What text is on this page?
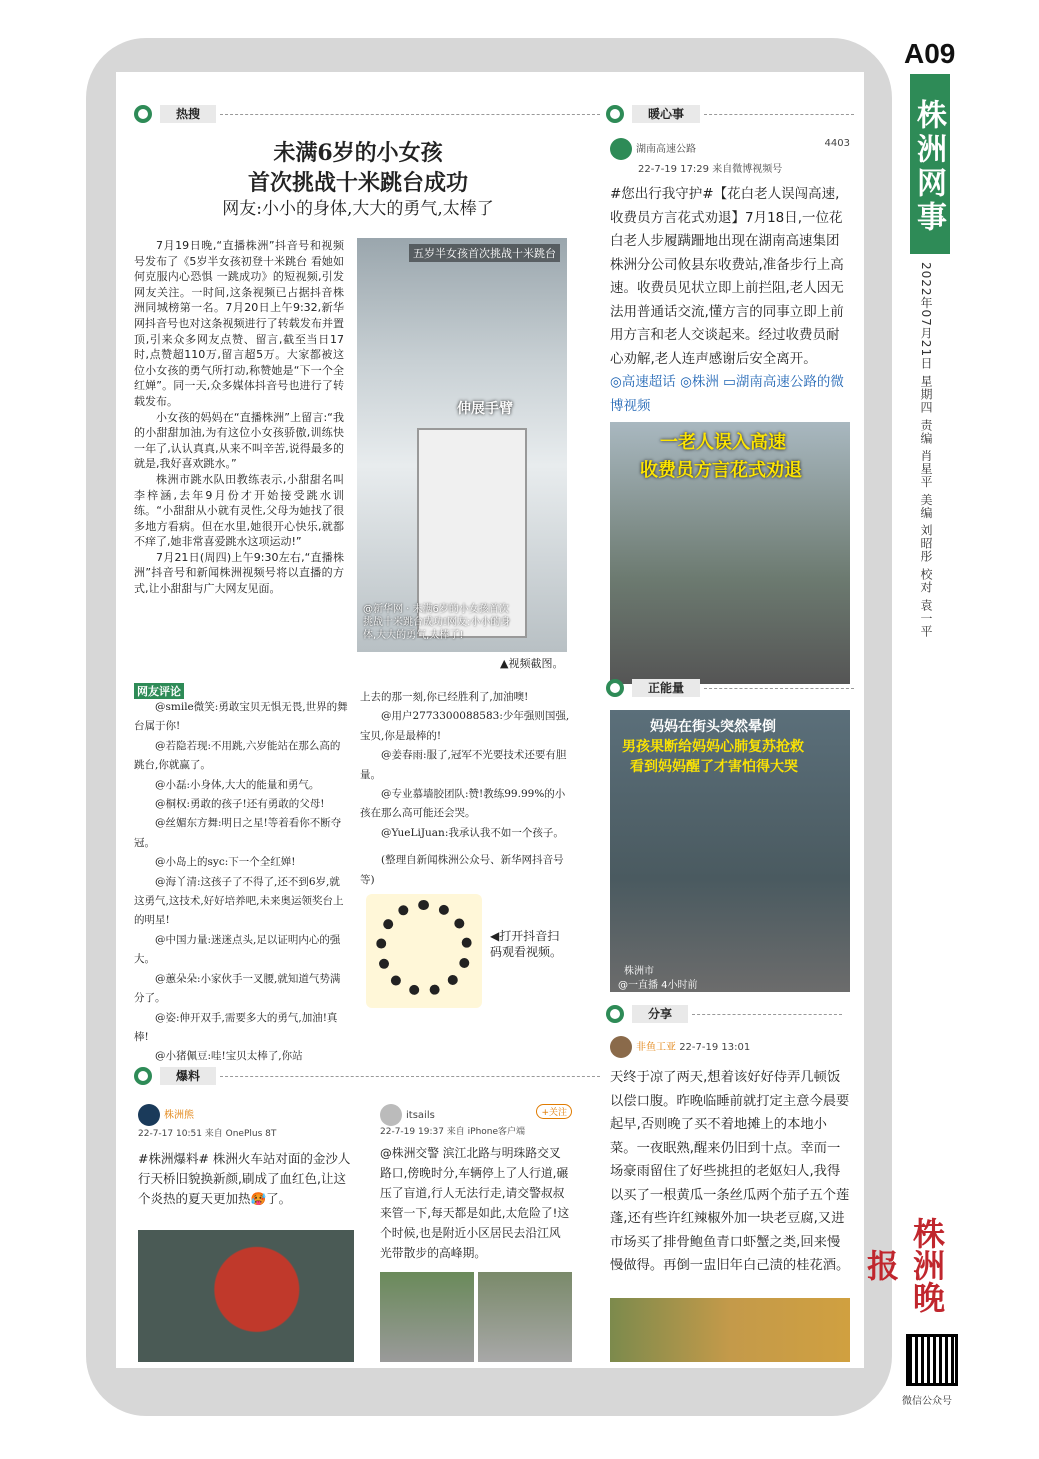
A09
株洲网事
2022年07月21日 星期四 责编 肖星平 美编 刘昭彤 校对 袁一平
株洲晚报
微信公众号
热搜
未满6岁的小女孩
首次挑战十米跳台成功
网友:小小的身体,大大的勇气,太棒了

7月19日晚,“直播株洲”抖音号和视频号发布了《5岁半女孩初登十米跳台 看她如何克服内心恐惧 一跳成功》的短视频,引发网友关注。一时间,这条视频已占据抖音株洲同城榜第一名。7月20日上午9:32,新华网抖音号也对这条视频进行了转载发布并置顶,引来众多网友点赞、留言,截至当日17时,点赞超110万,留言超5万。大家都被这位小女孩的勇气所打动,称赞她是“下一个全红婵”。同一天,众多媒体抖音号也进行了转载发布。

小女孩的妈妈在“直播株洲”上留言:“我的小甜甜加油,为有这位小女孩骄傲,训练快一年了,认认真真,从来不叫辛苦,说得最多的就是,我好喜欢跳水。”

株洲市跳水队田教练表示,小甜甜名叫李梓涵,去年9月份才开始接受跳水训练。“小甜甜从小就有灵性,父母为她找了很多地方看病。但在水里,她很开心快乐,就都不痒了,她非常喜爱跳水这项运动!”

7月21日(周四)上午9:30左右,“直播株洲”抖音号和新闻株洲视频号将以直播的方式,让小甜甜与广大网友见面。

五岁半女孩首次挑战十米跳台
伸展手臂
@新华网 · 末满6岁的小女孩首次挑战十米跳台成功!网友:小小的身体,大大的勇气,太棒了!
▲视频截图。
网友评论

@smile微笑:勇敢宝贝无惧无畏,世界的舞台属于你!

@若隐若现:不用跳,六岁能站在那么高的跳台,你就赢了。

@小磊:小身体,大大的能量和勇气。

@桐权:勇敢的孩子!还有勇敢的父母!

@丝媚东方舞:明日之星!等着看你不断夺冠。

@小岛上的syc:下一个全红婵!

@海丫清:这孩子了不得了,还不到6岁,就这勇气,这技术,好好培养吧,未来奥运领奖台上的明星!

@中国力量:迷迷点头,足以证明内心的强大。

@蕙朵朵:小家伙手一叉腰,就知道气势满分了。

@姿:伸开双手,需要多大的勇气,加油!真棒!

@小猪佩豆:哇!宝贝太棒了,你站

上去的那一刻,你已经胜利了,加油噢!

@用户2773300088583:少年强则国强,宝贝,你是最棒的!

@姜春雨:服了,冠军不光要技术还要有胆量。

@专业慕墙胶团队:赞!教练99.99%的小孩在那么高可能还会哭。

@YueLiJuan:我承认我不如一个孩子。

(整理自新闻株洲公众号、新华网抖音号等)

◀打开抖音扫码观看视频。
暖心事
湖南高速公路
4403
22-7-19 17:29 来自微博视频号
#您出行我守护#【花白老人误闯高速,收费员方言花式劝退】7月18日,一位花白老人步履蹒跚地出现在湖南高速集团株洲分公司攸县东收费站,准备步行上高速。收费员见状立即上前拦阻,老人因无法用普通话交流,懂方言的同事立即上前用方言和老人交谈起来。经过收费员耐心劝解,老人连声感谢后安全离开。
◎高速超话 ◎株洲 ▭湖南高速公路的微博视频
一老人误入高速
收费员方言花式劝退
正能量
妈妈在街头突然晕倒
男孩果断给妈妈心肺复苏抢救
看到妈妈醒了才害怕得大哭
株洲市
@一直播 4小时前
分享
非鱼工亚 22-7-19 13:01
天终于凉了两天,想着该好好侍弄几顿饭以偿口腹。昨晚临睡前就打定主意今晨要起早,否则晚了买不着地摊上的本地小菜。一夜眠熟,醒来仍旧到十点。幸而一场豪雨留住了好些挑担的老妪妇人,我得以买了一根黄瓜一条丝瓜两个茄子五个莲蓬,还有些许红辣椒外加一块老豆腐,又进市场买了排骨鲍鱼青口虾蟹之类,回来慢慢做得。再倒一盅旧年白己渍的桂花酒。
爆料
株洲熊
22-7-17 10:51 来自 OnePlus 8T
#株洲爆料# 株洲火车站对面的金沙人行天桥旧貌换新颜,刷成了血红色,让这个炎热的夏天更加热🥵了。
itsails	+关注
22-7-19 19:37 来自 iPhone客户端
@株洲交警 滨江北路与明珠路交叉路口,傍晚时分,车辆停上了人行道,碾压了盲道,行人无法行走,请交警叔叔来管一下,每天都是如此,太危险了!这个时候,也是附近小区居民去沿江风光带散步的高峰期。
